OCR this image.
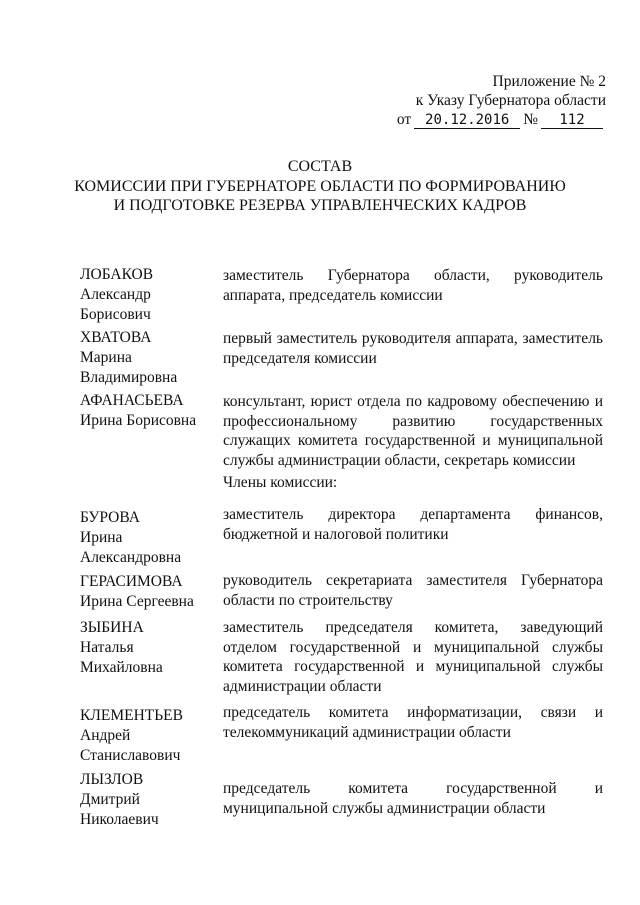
Приложение № 2
к Указу Губернатора области
от 20.12.2016 № 112
СОСТАВ
КОМИССИИ ПРИ ГУБЕРНАТОРЕ ОБЛАСТИ ПО ФОРМИРОВАНИЮ
И ПОДГОТОВКЕ РЕЗЕРВА УПРАВЛЕНЧЕСКИХ КАДРОВ
ЛОБАКОВ
Александр
Борисович
заместитель Губернатора области, руководитель аппарата, председатель комиссии
ХВАТОВА
Марина
Владимировна
первый заместитель руководителя аппарата, заместитель председателя комиссии
АФАНАСЬЕВА
Ирина Борисовна
консультант, юрист отдела по кадровому обеспечению и профессиональному развитию государственных служащих комитета государственной и муниципальной службы администрации области, секретарь комиссии
Члены комиссии:
БУРОВА
Ирина
Александровна
заместитель директора департамента финансов, бюджетной и налоговой политики
ГЕРАСИМОВА
Ирина Сергеевна
руководитель секретариата заместителя Губернатора области по строительству
ЗЫБИНА
Наталья
Михайловна
заместитель председателя комитета, заведующий отделом государственной и муниципальной службы комитета государственной и муниципальной службы администрации области
КЛЕМЕНТЬЕВ
Андрей
Станиславович
председатель комитета информатизации, связи и телекоммуникаций администрации области
ЛЫЗЛОВ
Дмитрий
Николаевич
председатель комитета государственной и муниципальной службы администрации области
